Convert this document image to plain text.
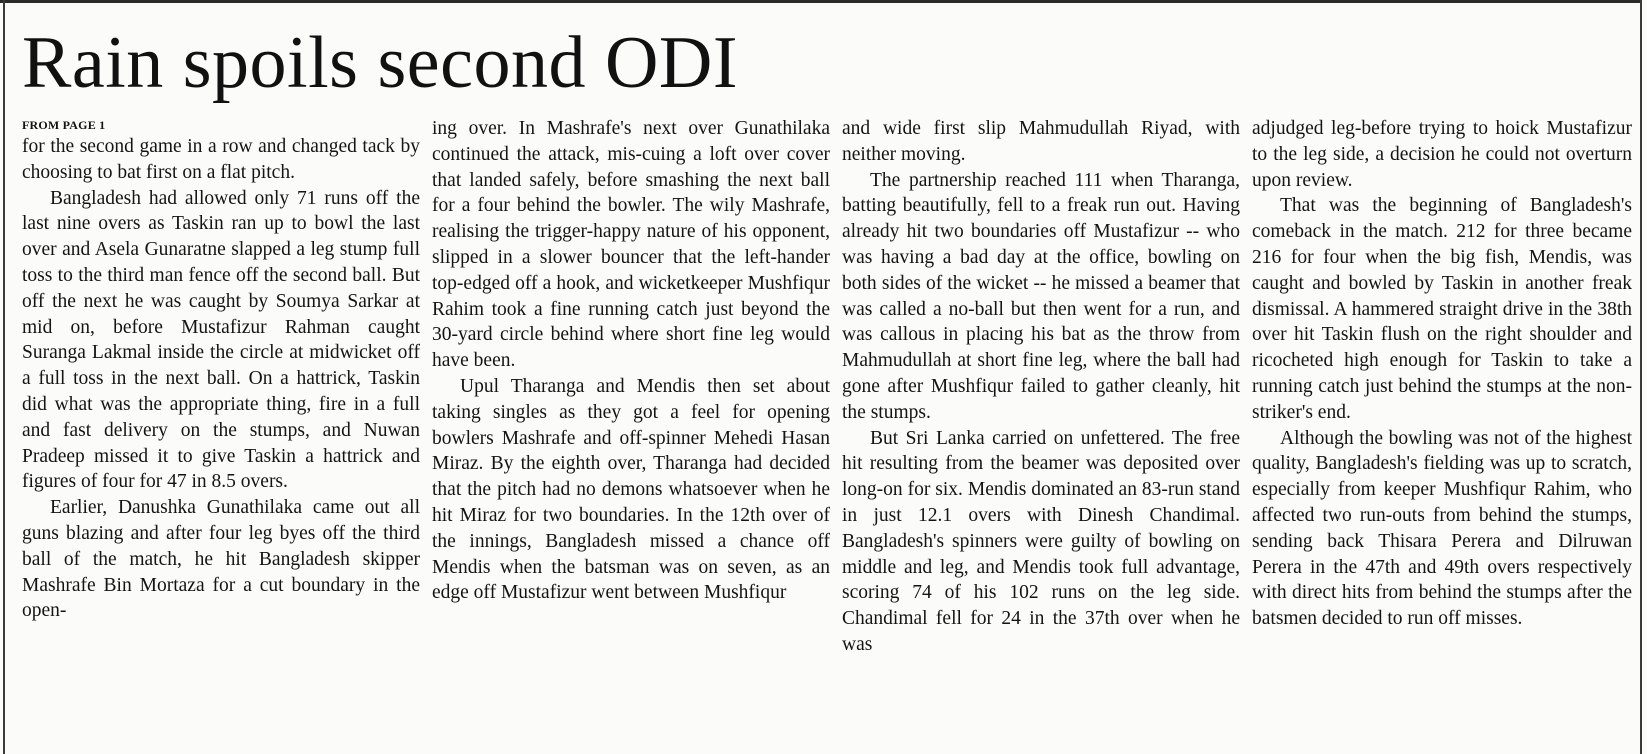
Rain spoils second ODI
FROM PAGE 1

for the second game in a row and changed tack by choosing to bat first on a flat pitch.

Bangladesh had allowed only 71 runs off the last nine overs as Taskin ran up to bowl the last over and Asela Gunaratne slapped a leg stump full toss to the third man fence off the second ball. But off the next he was caught by Soumya Sarkar at mid on, before Mustafizur Rahman caught Suranga Lakmal inside the circle at midwicket off a full toss in the next ball. On a hattrick, Taskin did what was the appropriate thing, fire in a full and fast delivery on the stumps, and Nuwan Pradeep missed it to give Taskin a hattrick and figures of four for 47 in 8.5 overs.

Earlier, Danushka Gunathilaka came out all guns blazing and after four leg byes off the third ball of the match, he hit Bangladesh skipper Mashrafe Bin Mortaza for a cut boundary in the open-

ing over. In Mashrafe's next over Gunathilaka continued the attack, mis-cuing a loft over cover that landed safely, before smashing the next ball for a four behind the bowler. The wily Mashrafe, realising the trigger-happy nature of his opponent, slipped in a slower bouncer that the left-hander top-edged off a hook, and wicketkeeper Mushfiqur Rahim took a fine running catch just beyond the 30-yard circle behind where short fine leg would have been.

Upul Tharanga and Mendis then set about taking singles as they got a feel for opening bowlers Mashrafe and off-spinner Mehedi Hasan Miraz. By the eighth over, Tharanga had decided that the pitch had no demons whatsoever when he hit Miraz for two boundaries. In the 12th over of the innings, Bangladesh missed a chance off Mendis when the batsman was on seven, as an edge off Mustafizur went between Mushfiqur

and wide first slip Mahmudullah Riyad, with neither moving.

The partnership reached 111 when Tharanga, batting beautifully, fell to a freak run out. Having already hit two boundaries off Mustafizur -- who was having a bad day at the office, bowling on both sides of the wicket -- he missed a beamer that was called a no-ball but then went for a run, and was callous in placing his bat as the throw from Mahmudullah at short fine leg, where the ball had gone after Mushfiqur failed to gather cleanly, hit the stumps.

But Sri Lanka carried on unfettered. The free hit resulting from the beamer was deposited over long-on for six. Mendis dominated an 83-run stand in just 12.1 overs with Dinesh Chandimal. Bangladesh's spinners were guilty of bowling on middle and leg, and Mendis took full advantage, scoring 74 of his 102 runs on the leg side. Chandimal fell for 24 in the 37th over when he was

adjudged leg-before trying to hoick Mustafizur to the leg side, a decision he could not overturn upon review.

That was the beginning of Bangladesh's comeback in the match. 212 for three became 216 for four when the big fish, Mendis, was caught and bowled by Taskin in another freak dismissal. A hammered straight drive in the 38th over hit Taskin flush on the right shoulder and ricocheted high enough for Taskin to take a running catch just behind the stumps at the non-striker's end.

Although the bowling was not of the highest quality, Bangladesh's fielding was up to scratch, especially from keeper Mushfiqur Rahim, who affected two run-outs from behind the stumps, sending back Thisara Perera and Dilruwan Perera in the 47th and 49th overs respectively with direct hits from behind the stumps after the batsmen decided to run off misses.
